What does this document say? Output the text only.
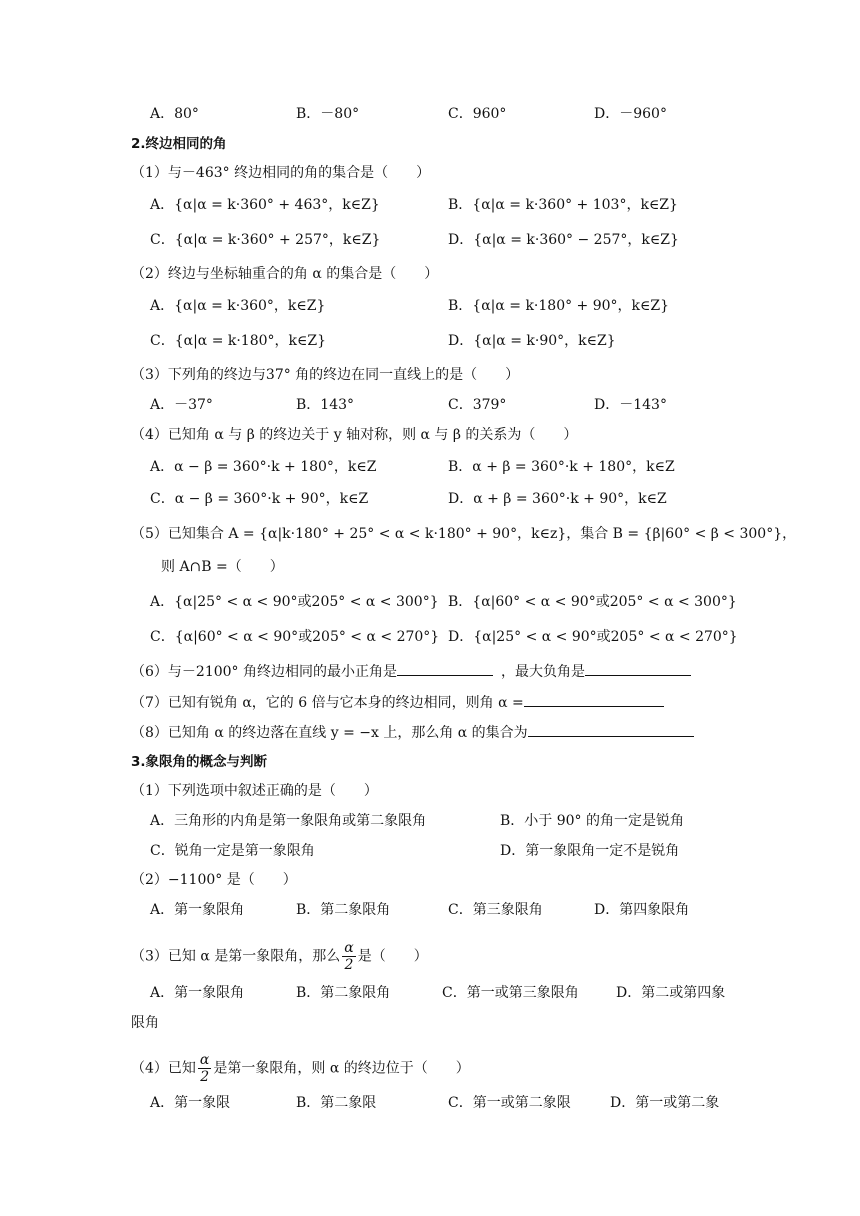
A．80°	B．－80°	C．960°	D．－960°
2.终边相同的角
（1）与－463° 终边相同的角的集合是（　　）
A．{α|α = k·360° + 463°，k∈Z}	B．{α|α = k·360° + 103°，k∈Z}
C．{α|α = k·360° + 257°，k∈Z}	D．{α|α = k·360° − 257°，k∈Z}
（2）终边与坐标轴重合的角 α 的集合是（　　）
A．{α|α = k·360°，k∈Z}	B．{α|α = k·180° + 90°，k∈Z}
C．{α|α = k·180°，k∈Z}	D．{α|α = k·90°，k∈Z}
（3）下列角的终边与37° 角的终边在同一直线上的是（　　）
A．－37°	B．143°	C．379°	D．－143°
（4）已知角 α 与 β 的终边关于 y 轴对称，则 α 与 β 的关系为（　　）
A．α − β = 360°·k + 180°，k∈Z	B．α + β = 360°·k + 180°，k∈Z
C．α − β = 360°·k + 90°，k∈Z	D．α + β = 360°·k + 90°，k∈Z
（5）已知集合 A = {α|k·180° + 25° < α < k·180° + 90°，k∈z}，集合 B = {β|60° < β < 300°}，
则 A∩B =（　　）
A．{α|25° < α < 90°或205° < α < 300°} B．{α|60° < α < 90°或205° < α < 300°}
C．{α|60° < α < 90°或205° < α < 270°} D．{α|25° < α < 90°或205° < α < 270°}
（6）与－2100° 角终边相同的最小正角是	，最大负角是
（7）已知有锐角 α，它的 6 倍与它本身的终边相同，则角 α =
（8）已知角 α 的终边落在直线 y = −x 上，那么角 α 的集合为
3.象限角的概念与判断
（1）下列选项中叙述正确的是（　　）
A．三角形的内角是第一象限角或第二象限角	B．小于 90° 的角一定是锐角
C．锐角一定是第一象限角	D．第一象限角一定不是锐角
（2）−1100° 是（　　）
A．第一象限角	B．第二象限角	C．第三象限角	D．第四象限角
（3）已知 α 是第一象限角，那么 $\frac{\alpha}{2}$ 是（　　）
A．第一象限角	B．第二象限角	C．第一或第三象限角	D．第二或第四象
限角
（4）已知 $\frac{\alpha}{2}$ 是第一象限角，则 α 的终边位于（　　）
A．第一象限	B．第二象限	C．第一或第二象限	D．第一或第二象
